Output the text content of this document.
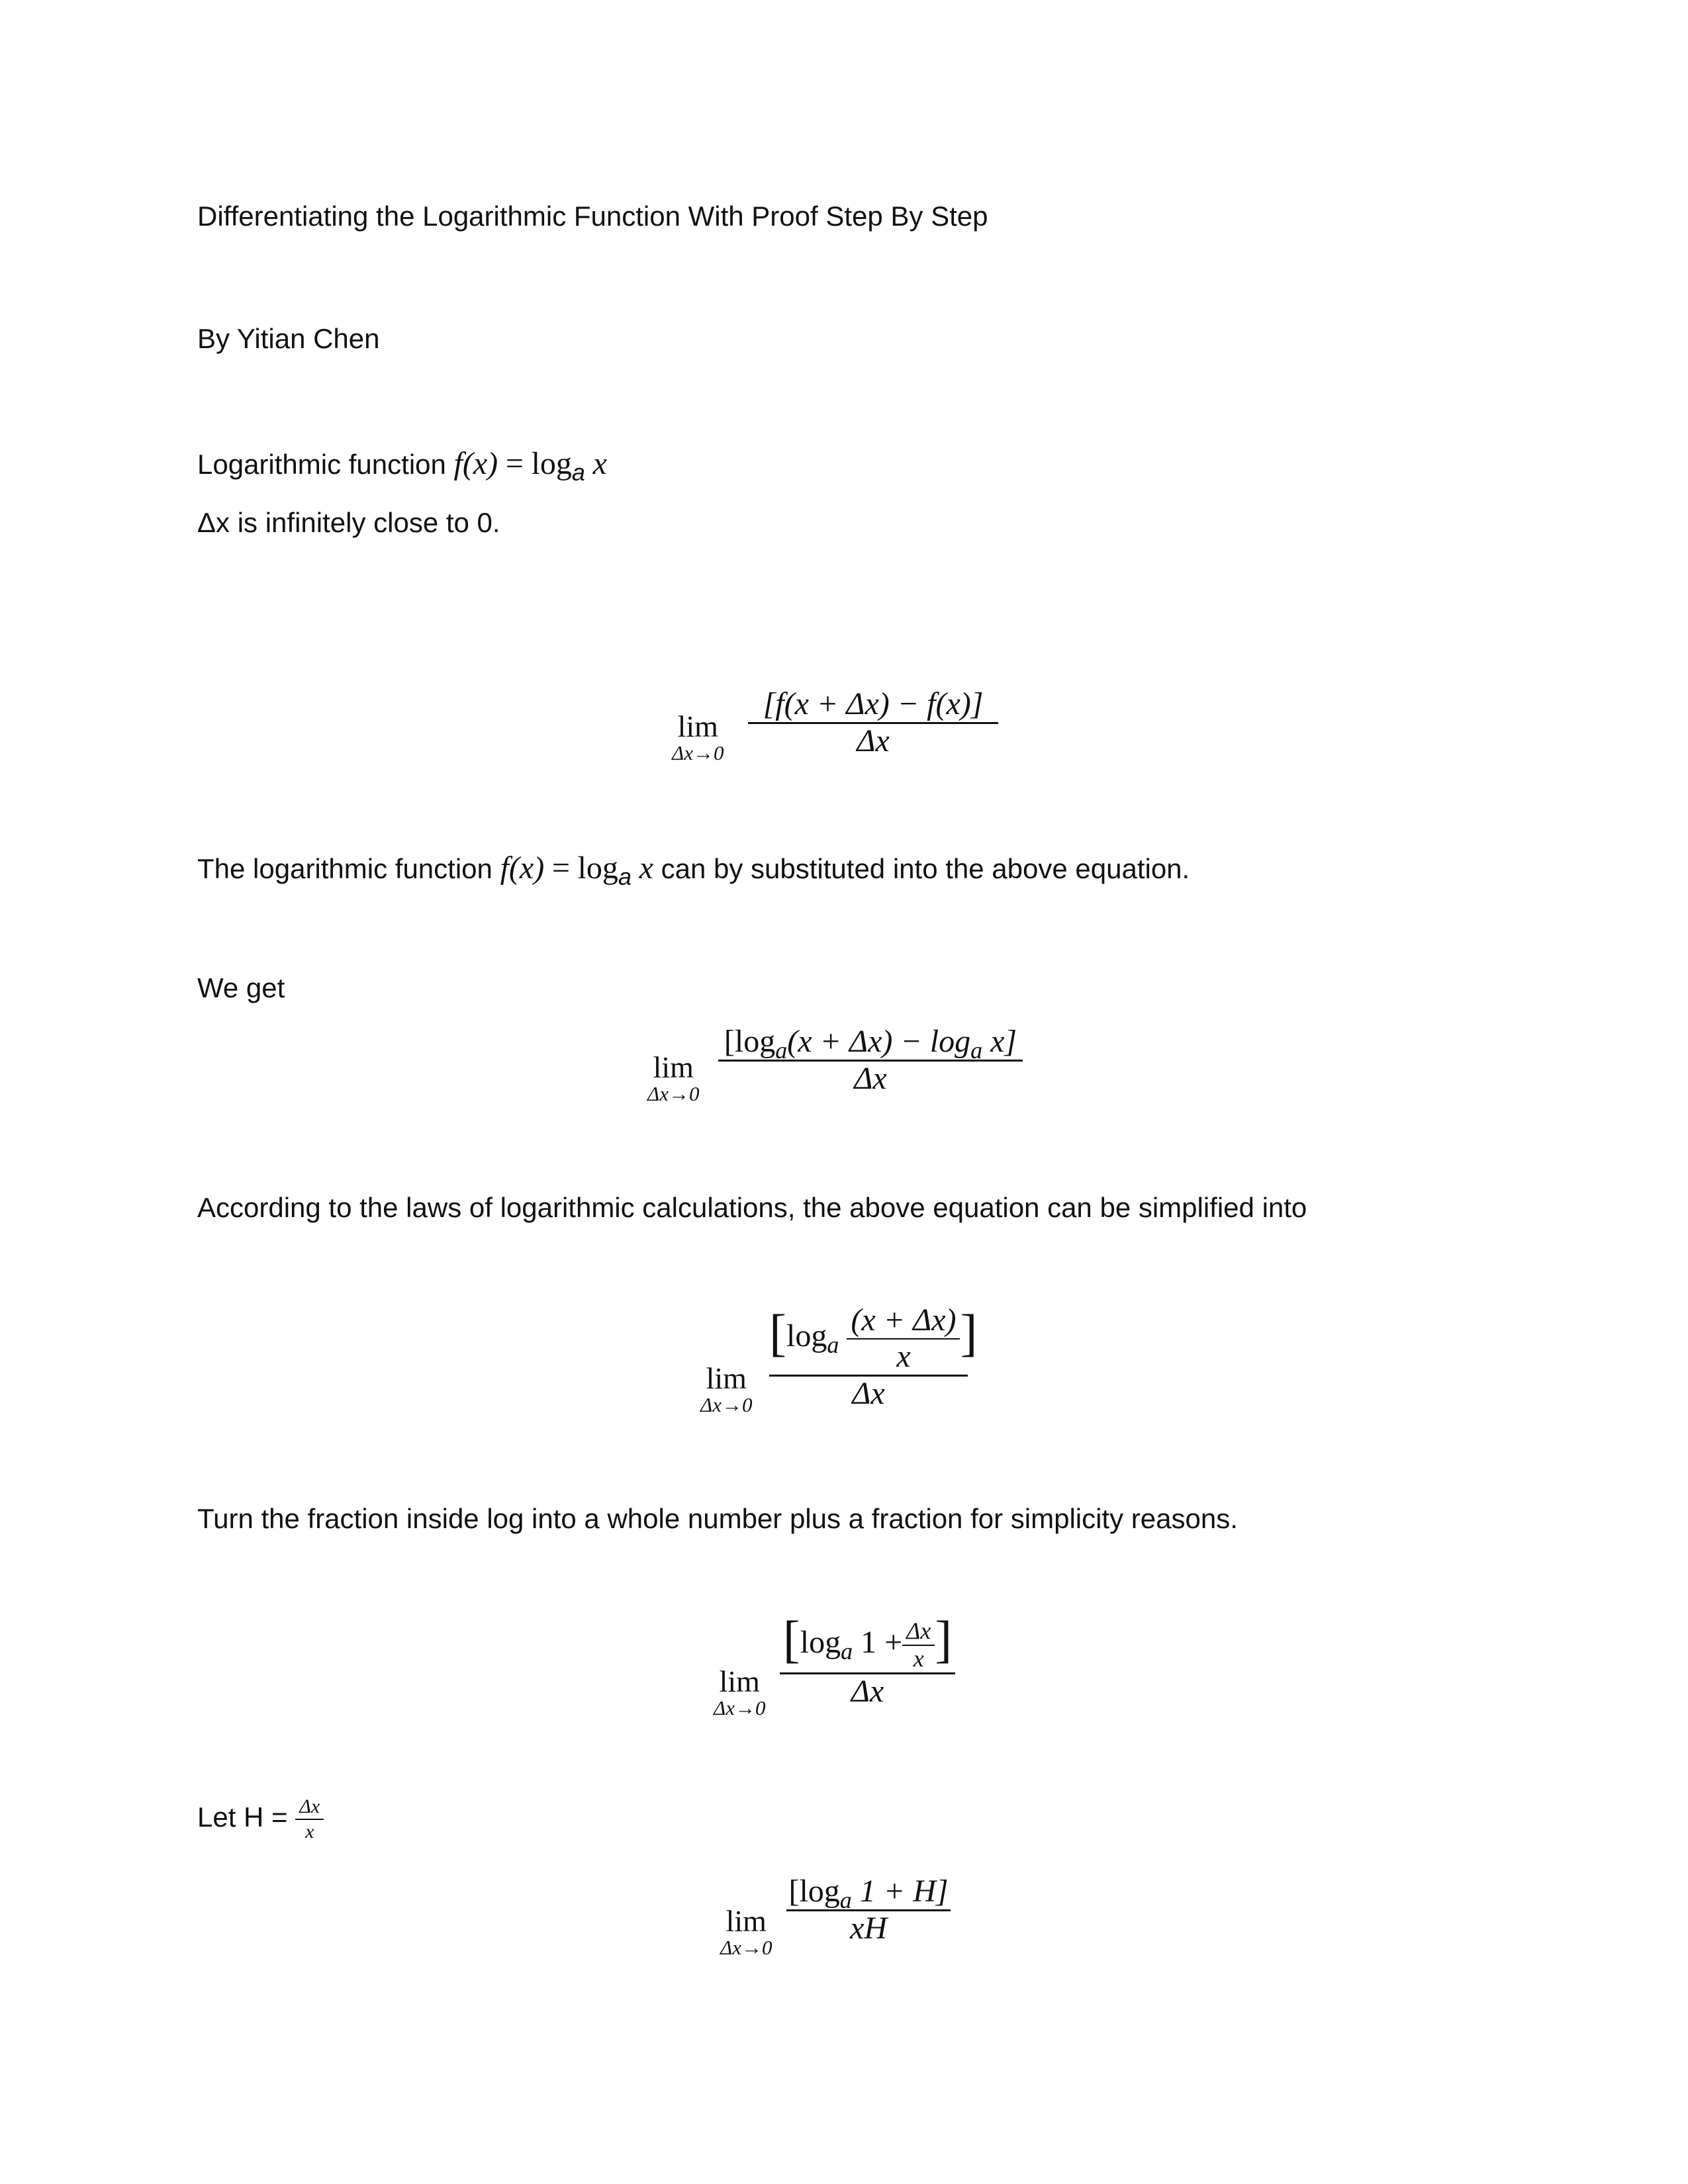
Differentiating the Logarithmic Function With Proof Step By Step
By Yitian Chen
Logarithmic function f(x) = loga x
Δx is infinitely close to 0.
lim
Δx→0
[f(x + Δx) − f(x)]
Δx
The logarithmic function f(x) = loga x can by substituted into the above equation.
We get
lim
Δx→0
$[\log_a(x + \Delta x) - \log_a x]$
Δx
According to the laws of logarithmic calculations, the above equation can be simplified into
lim
Δx→0
[$\log_a \frac{(x + \Delta x)}{x}$ ]
Δx
Turn the fraction inside log into a whole number plus a fraction for simplicity reasons.
lim
Δx→0
[$\log_a$ $1 + \frac{\Delta x}{x}$ ]
Δx
Let $H = \frac{\Delta x}{x}$
lim
Δx→0
[$\log_a$ 1 + H]
xH
